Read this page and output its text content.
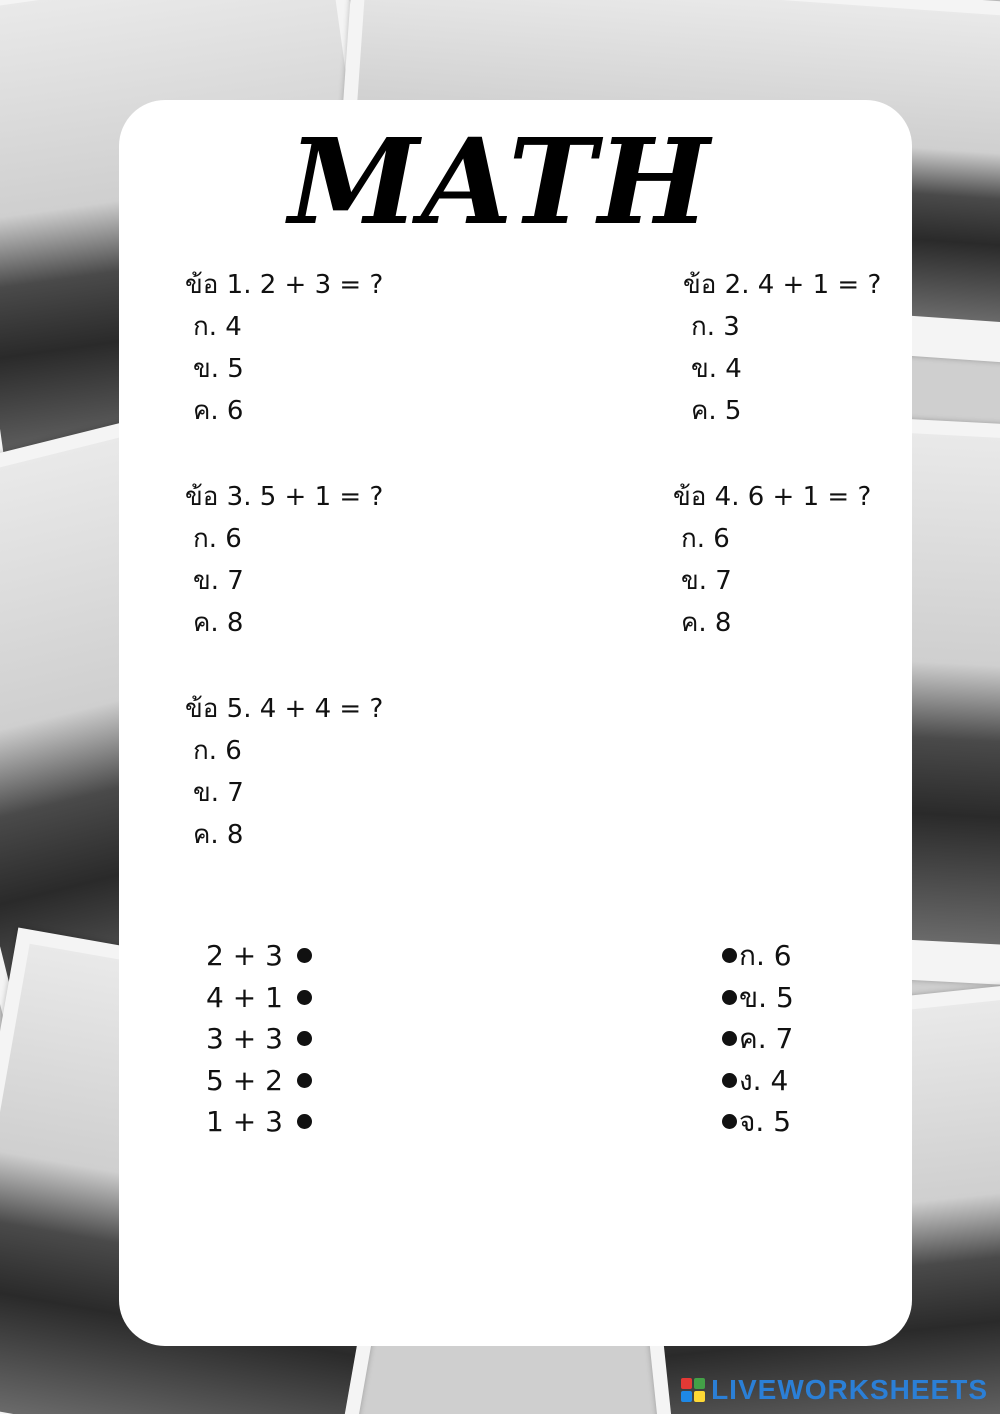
MATH
ข้อ 1. 2 + 3 = ?
ก. 4
ข. 5
ค. 6
ข้อ 2. 4 + 1 = ?
ก. 3
ข. 4
ค. 5
ข้อ 3. 5 + 1 = ?
ก. 6
ข. 7
ค. 8
ข้อ 4. 6 + 1 = ?
ก. 6
ข. 7
ค. 8
ข้อ 5. 4 + 4 = ?
ก. 6
ข. 7
ค. 8
2 + 3
4 + 1
3 + 3
5 + 2
1 + 3
ก. 6
ข. 5
ค. 7
ง. 4
จ. 5
LIVEWORKSHEETS
